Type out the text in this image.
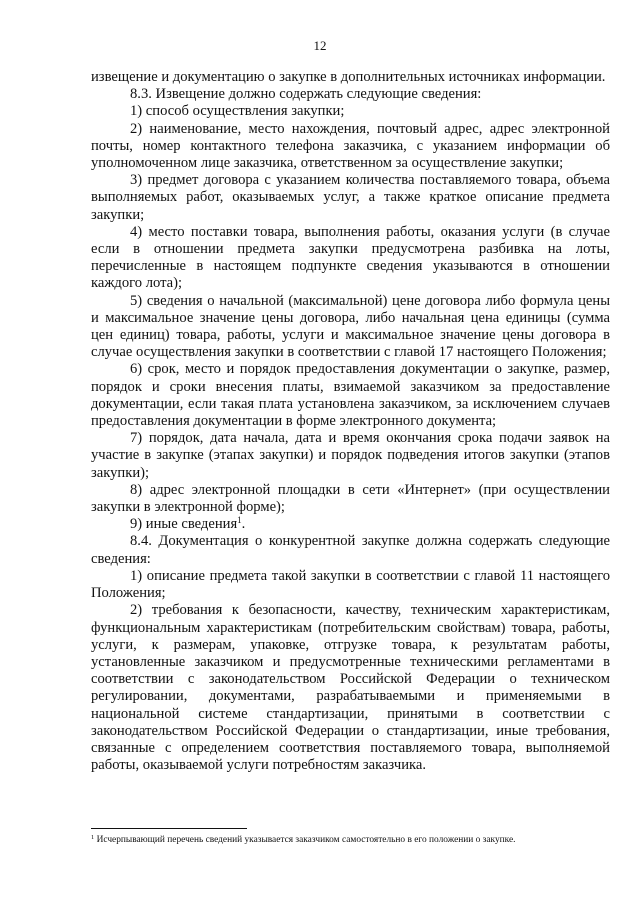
12

извещение и документацию о закупке в дополнительных источниках информации.

8.3. Извещение должно содержать следующие сведения:

1) способ осуществления закупки;

2) наименование, место нахождения, почтовый адрес, адрес электронной почты, номер контактного телефона заказчика, с указанием информации об уполномоченном лице заказчика, ответственном за осуществление закупки;

3) предмет договора с указанием количества поставляемого товара, объема выполняемых работ, оказываемых услуг, а также краткое описание предмета закупки;

4) место поставки товара, выполнения работы, оказания услуги (в случае если в отношении предмета закупки предусмотрена разбивка на лоты, перечисленные в настоящем подпункте сведения указываются в отношении каждого лота);

5) сведения о начальной (максимальной) цене договора либо формула цены и максимальное значение цены договора, либо начальная цена единицы (сумма цен единиц) товара, работы, услуги и максимальное значение цены договора в случае осуществления закупки в соответствии с главой 17 настоящего Положения;

6) срок, место и порядок предоставления документации о закупке, размер, порядок и сроки внесения платы, взимаемой заказчиком за предоставление документации, если такая плата установлена заказчиком, за исключением случаев предоставления документации в форме электронного документа;

7) порядок, дата начала, дата и время окончания срока подачи заявок на участие в закупке (этапах закупки) и порядок подведения итогов закупки (этапов закупки);

8) адрес электронной площадки в сети «Интернет» (при осуществлении закупки в электронной форме);

9) иные сведения$^1$.

8.4. Документация о конкурентной закупке должна содержать следующие сведения:

1) описание предмета такой закупки в соответствии с главой 11 настоящего Положения;

2) требования к безопасности, качеству, техническим характеристикам, функциональным характеристикам (потребительским свойствам) товара, работы, услуги, к размерам, упаковке, отгрузке товара, к результатам работы, установленные заказчиком и предусмотренные техническими регламентами в соответствии с законодательством Российской Федерации о техническом регулировании, документами, разрабатываемыми и применяемыми в национальной системе стандартизации, принятыми в соответствии с законодательством Российской Федерации о стандартизации, иные требования, связанные с определением соответствия поставляемого товара, выполняемой работы, оказываемой услуги потребностям заказчика.

$^1$ Исчерпывающий перечень сведений указывается заказчиком самостоятельно в его положении о закупке.
